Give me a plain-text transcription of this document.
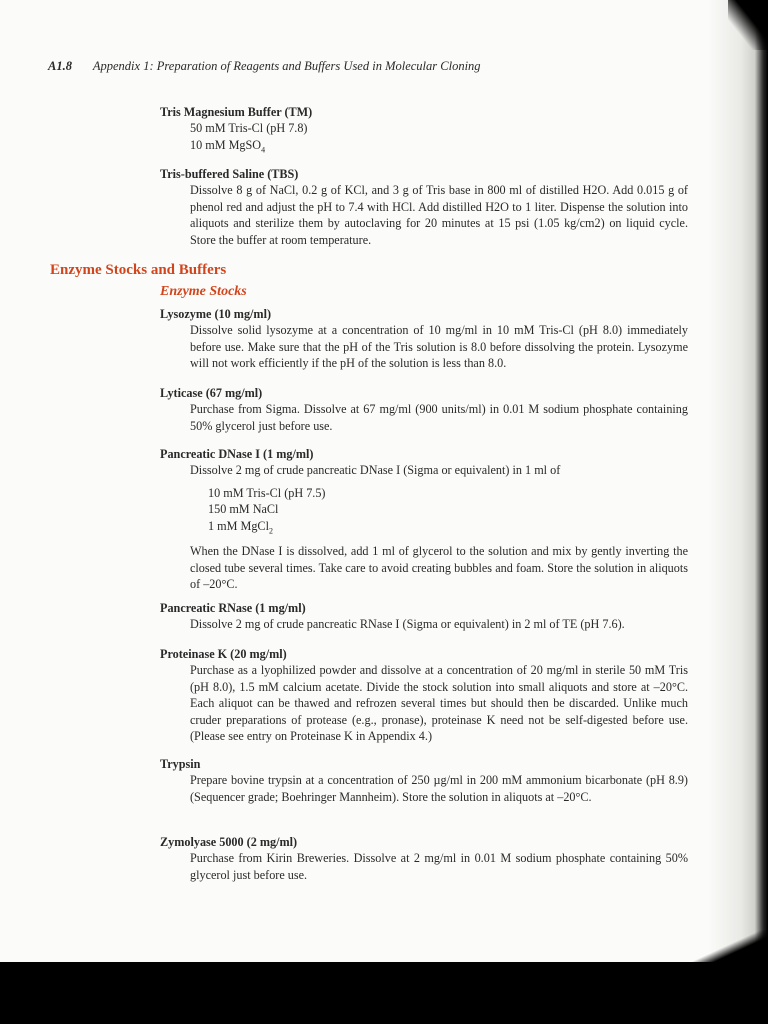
A1.8 Appendix 1: Preparation of Reagents and Buffers Used in Molecular Cloning
Tris Magnesium Buffer (TM)
50 mM Tris-Cl (pH 7.8)
10 mM MgSO$_4$
Tris-buffered Saline (TBS)
Dissolve 8 g of NaCl, 0.2 g of KCl, and 3 g of Tris base in 800 ml of distilled H2O. Add 0.015 g of phenol red and adjust the pH to 7.4 with HCl. Add distilled H2O to 1 liter. Dispense the solution into aliquots and sterilize them by autoclaving for 20 minutes at 15 psi (1.05 kg/cm2) on liquid cycle. Store the buffer at room temperature.
Enzyme Stocks and Buffers
Enzyme Stocks
Lysozyme (10 mg/ml)
Dissolve solid lysozyme at a concentration of 10 mg/ml in 10 mM Tris-Cl (pH 8.0) immediately before use. Make sure that the pH of the Tris solution is 8.0 before dissolving the protein. Lysozyme will not work efficiently if the pH of the solution is less than 8.0.
Lyticase (67 mg/ml)
Purchase from Sigma. Dissolve at 67 mg/ml (900 units/ml) in 0.01 M sodium phosphate containing 50% glycerol just before use.
Pancreatic DNase I (1 mg/ml)
Dissolve 2 mg of crude pancreatic DNase I (Sigma or equivalent) in 1 ml of
10 mM Tris-Cl (pH 7.5)
150 mM NaCl
1 mM MgCl$_2$
When the DNase I is dissolved, add 1 ml of glycerol to the solution and mix by gently inverting the closed tube several times. Take care to avoid creating bubbles and foam. Store the solution in aliquots of –20°C.
Pancreatic RNase (1 mg/ml)
Dissolve 2 mg of crude pancreatic RNase I (Sigma or equivalent) in 2 ml of TE (pH 7.6).
Proteinase K (20 mg/ml)
Purchase as a lyophilized powder and dissolve at a concentration of 20 mg/ml in sterile 50 mM Tris (pH 8.0), 1.5 mM calcium acetate. Divide the stock solution into small aliquots and store at –20°C. Each aliquot can be thawed and refrozen several times but should then be discarded. Unlike much cruder preparations of protease (e.g., pronase), proteinase K need not be self-digested before use. (Please see entry on Proteinase K in Appendix 4.)
Trypsin
Prepare bovine trypsin at a concentration of 250 µg/ml in 200 mM ammonium bicarbonate (pH 8.9) (Sequencer grade; Boehringer Mannheim). Store the solution in aliquots at –20°C.
Zymolyase 5000 (2 mg/ml)
Purchase from Kirin Breweries. Dissolve at 2 mg/ml in 0.01 M sodium phosphate containing 50% glycerol just before use.
